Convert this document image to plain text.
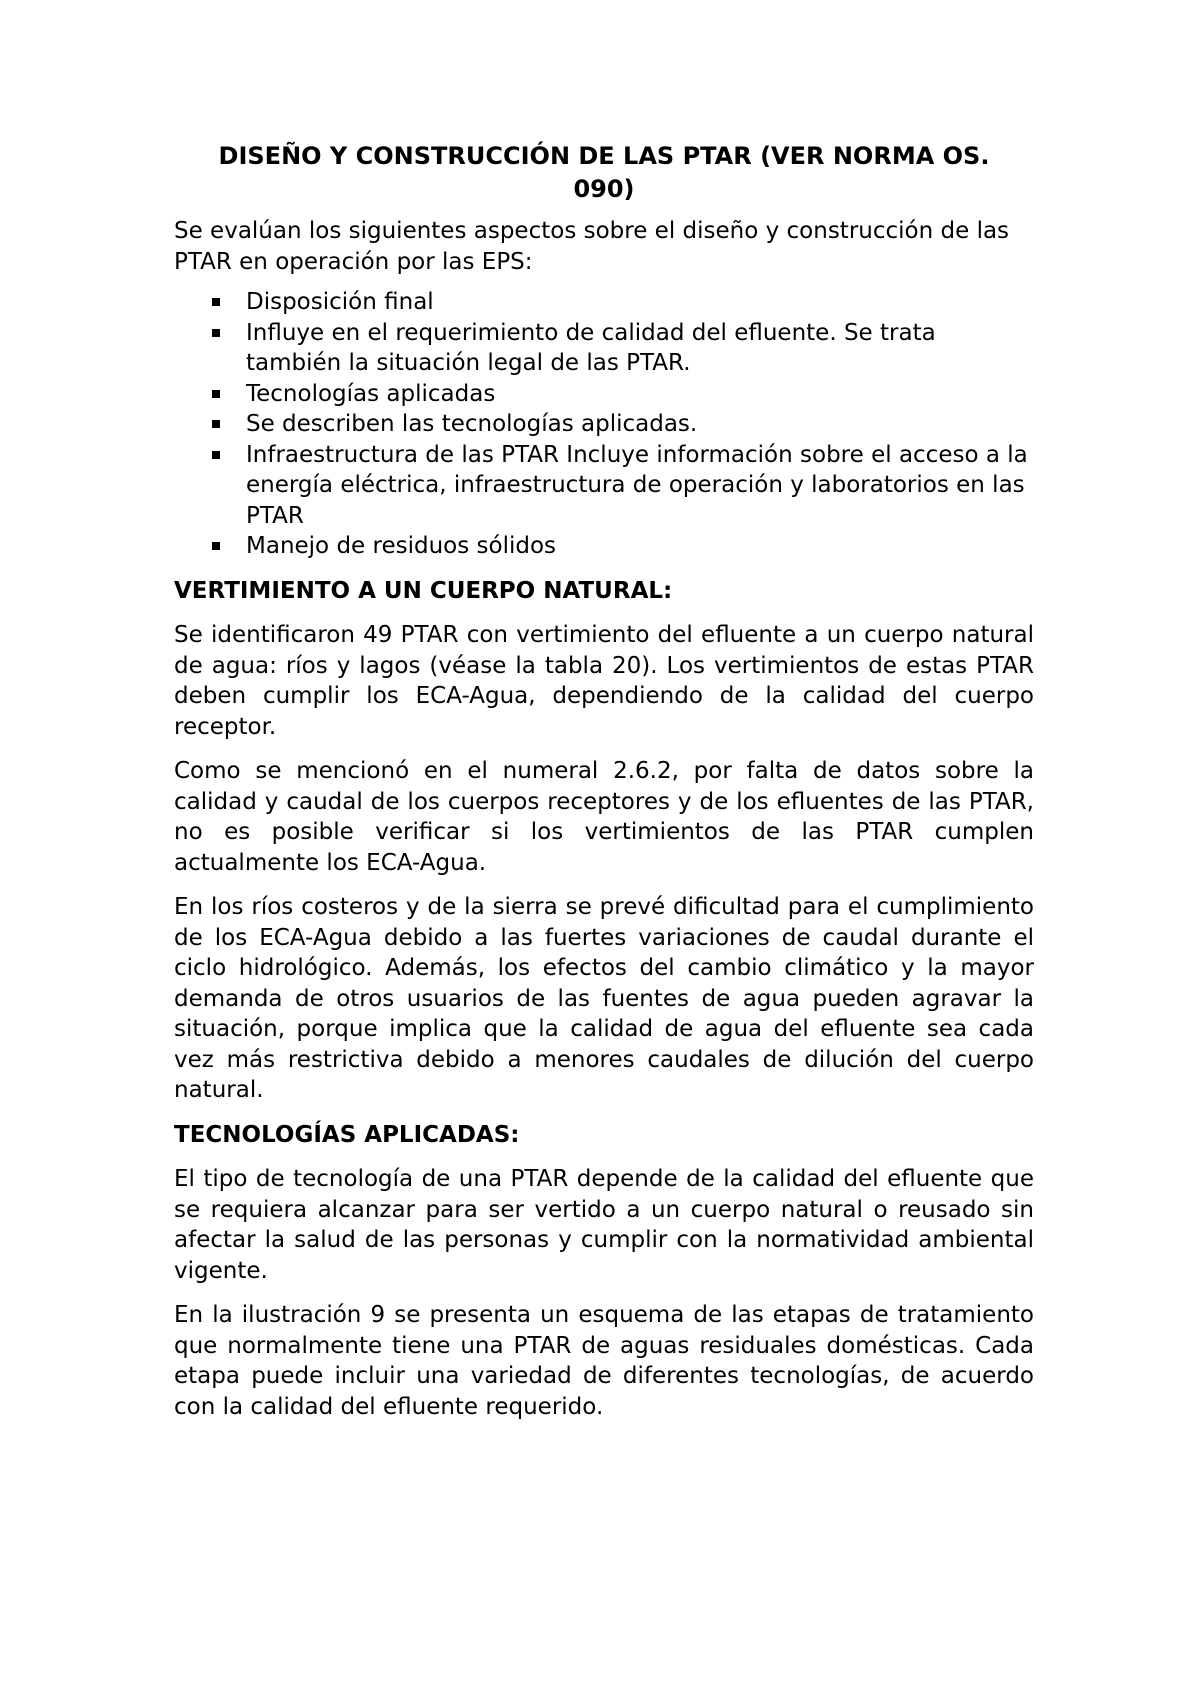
DISEÑO Y CONSTRUCCIÓN DE LAS PTAR (VER NORMA OS. 090)

Se evalúan los siguientes aspectos sobre el diseño y construcción de las PTAR en operación por las EPS:

Disposición final
Influye en el requerimiento de calidad del efluente. Se trata también la situación legal de las PTAR.
Tecnologías aplicadas
Se describen las tecnologías aplicadas.
Infraestructura de las PTAR Incluye información sobre el acceso a la energía eléctrica, infraestructura de operación y laboratorios en las PTAR
Manejo de residuos sólidos
VERTIMIENTO A UN CUERPO NATURAL:

Se identificaron 49 PTAR con vertimiento del efluente a un cuerpo natural de agua: ríos y lagos (véase la tabla 20). Los vertimientos de estas PTAR deben cumplir los ECA-Agua, dependiendo de la calidad del cuerpo receptor.

Como se mencionó en el numeral 2.6.2, por falta de datos sobre la calidad y caudal de los cuerpos receptores y de los efluentes de las PTAR, no es posible verificar si los vertimientos de las PTAR cumplen actualmente los ECA-Agua.

En los ríos costeros y de la sierra se prevé dificultad para el cumplimiento de los ECA-Agua debido a las fuertes variaciones de caudal durante el ciclo hidrológico. Además, los efectos del cambio climático y la mayor demanda de otros usuarios de las fuentes de agua pueden agravar la situación, porque implica que la calidad de agua del efluente sea cada vez más restrictiva debido a menores caudales de dilución del cuerpo natural.

TECNOLOGÍAS APLICADAS:

El tipo de tecnología de una PTAR depende de la calidad del efluente que se requiera alcanzar para ser vertido a un cuerpo natural o reusado sin afectar la salud de las personas y cumplir con la normatividad ambiental vigente.

En la ilustración 9 se presenta un esquema de las etapas de tratamiento que normalmente tiene una PTAR de aguas residuales domésticas. Cada etapa puede incluir una variedad de diferentes tecnologías, de acuerdo con la calidad del efluente requerido.
